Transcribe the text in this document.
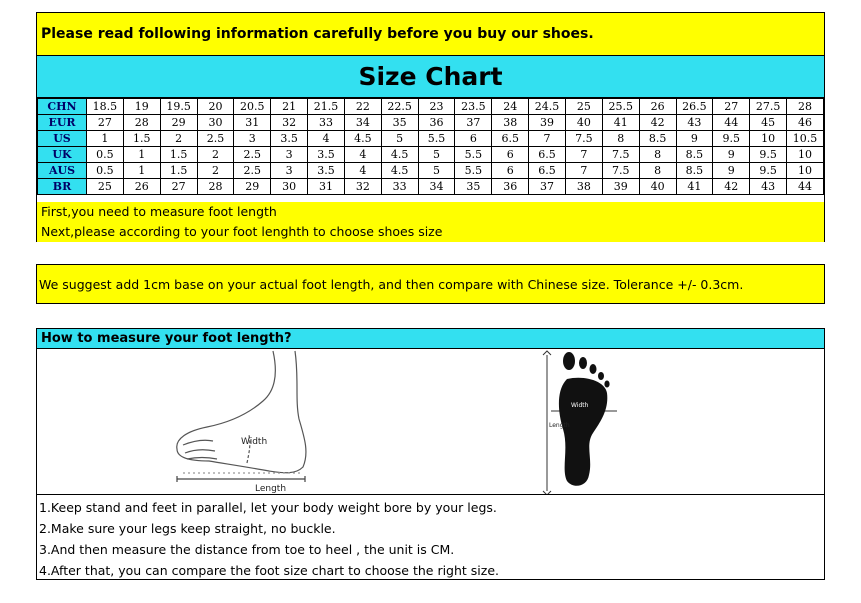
Please read following information carefully before you buy our shoes.
Size Chart
CHN	18.5	19	19.5	20	20.5	21	21.5	22	22.5	23	23.5	24	24.5	25	25.5	26	26.5	27	27.5	28
EUR	27	28	29	30	31	32	33	34	35	36	37	38	39	40	41	42	43	44	45	46
US	1	1.5	2	2.5	3	3.5	4	4.5	5	5.5	6	6.5	7	7.5	8	8.5	9	9.5	10	10.5
UK	0.5	1	1.5	2	2.5	3	3.5	4	4.5	5	5.5	6	6.5	7	7.5	8	8.5	9	9.5	10
AUS	0.5	1	1.5	2	2.5	3	3.5	4	4.5	5	5.5	6	6.5	7	7.5	8	8.5	9	9.5	10
BR	25	26	27	28	29	30	31	32	33	34	35	36	37	38	39	40	41	42	43	44
First,you need to measure foot length
Next,please according to your foot lenghth to choose shoes size
We suggest add 1cm base on your actual foot length, and then compare with Chinese size. Tolerance +/- 0.3cm.
How to measure your foot length?
Width
Length
Width
Length
1.Keep stand and feet in parallel, let your body weight bore by your legs.
2.Make sure your legs keep straight, no buckle.
3.And then measure the distance from toe to heel , the unit is CM.
4.After that, you can compare the foot size chart to choose the right size.
